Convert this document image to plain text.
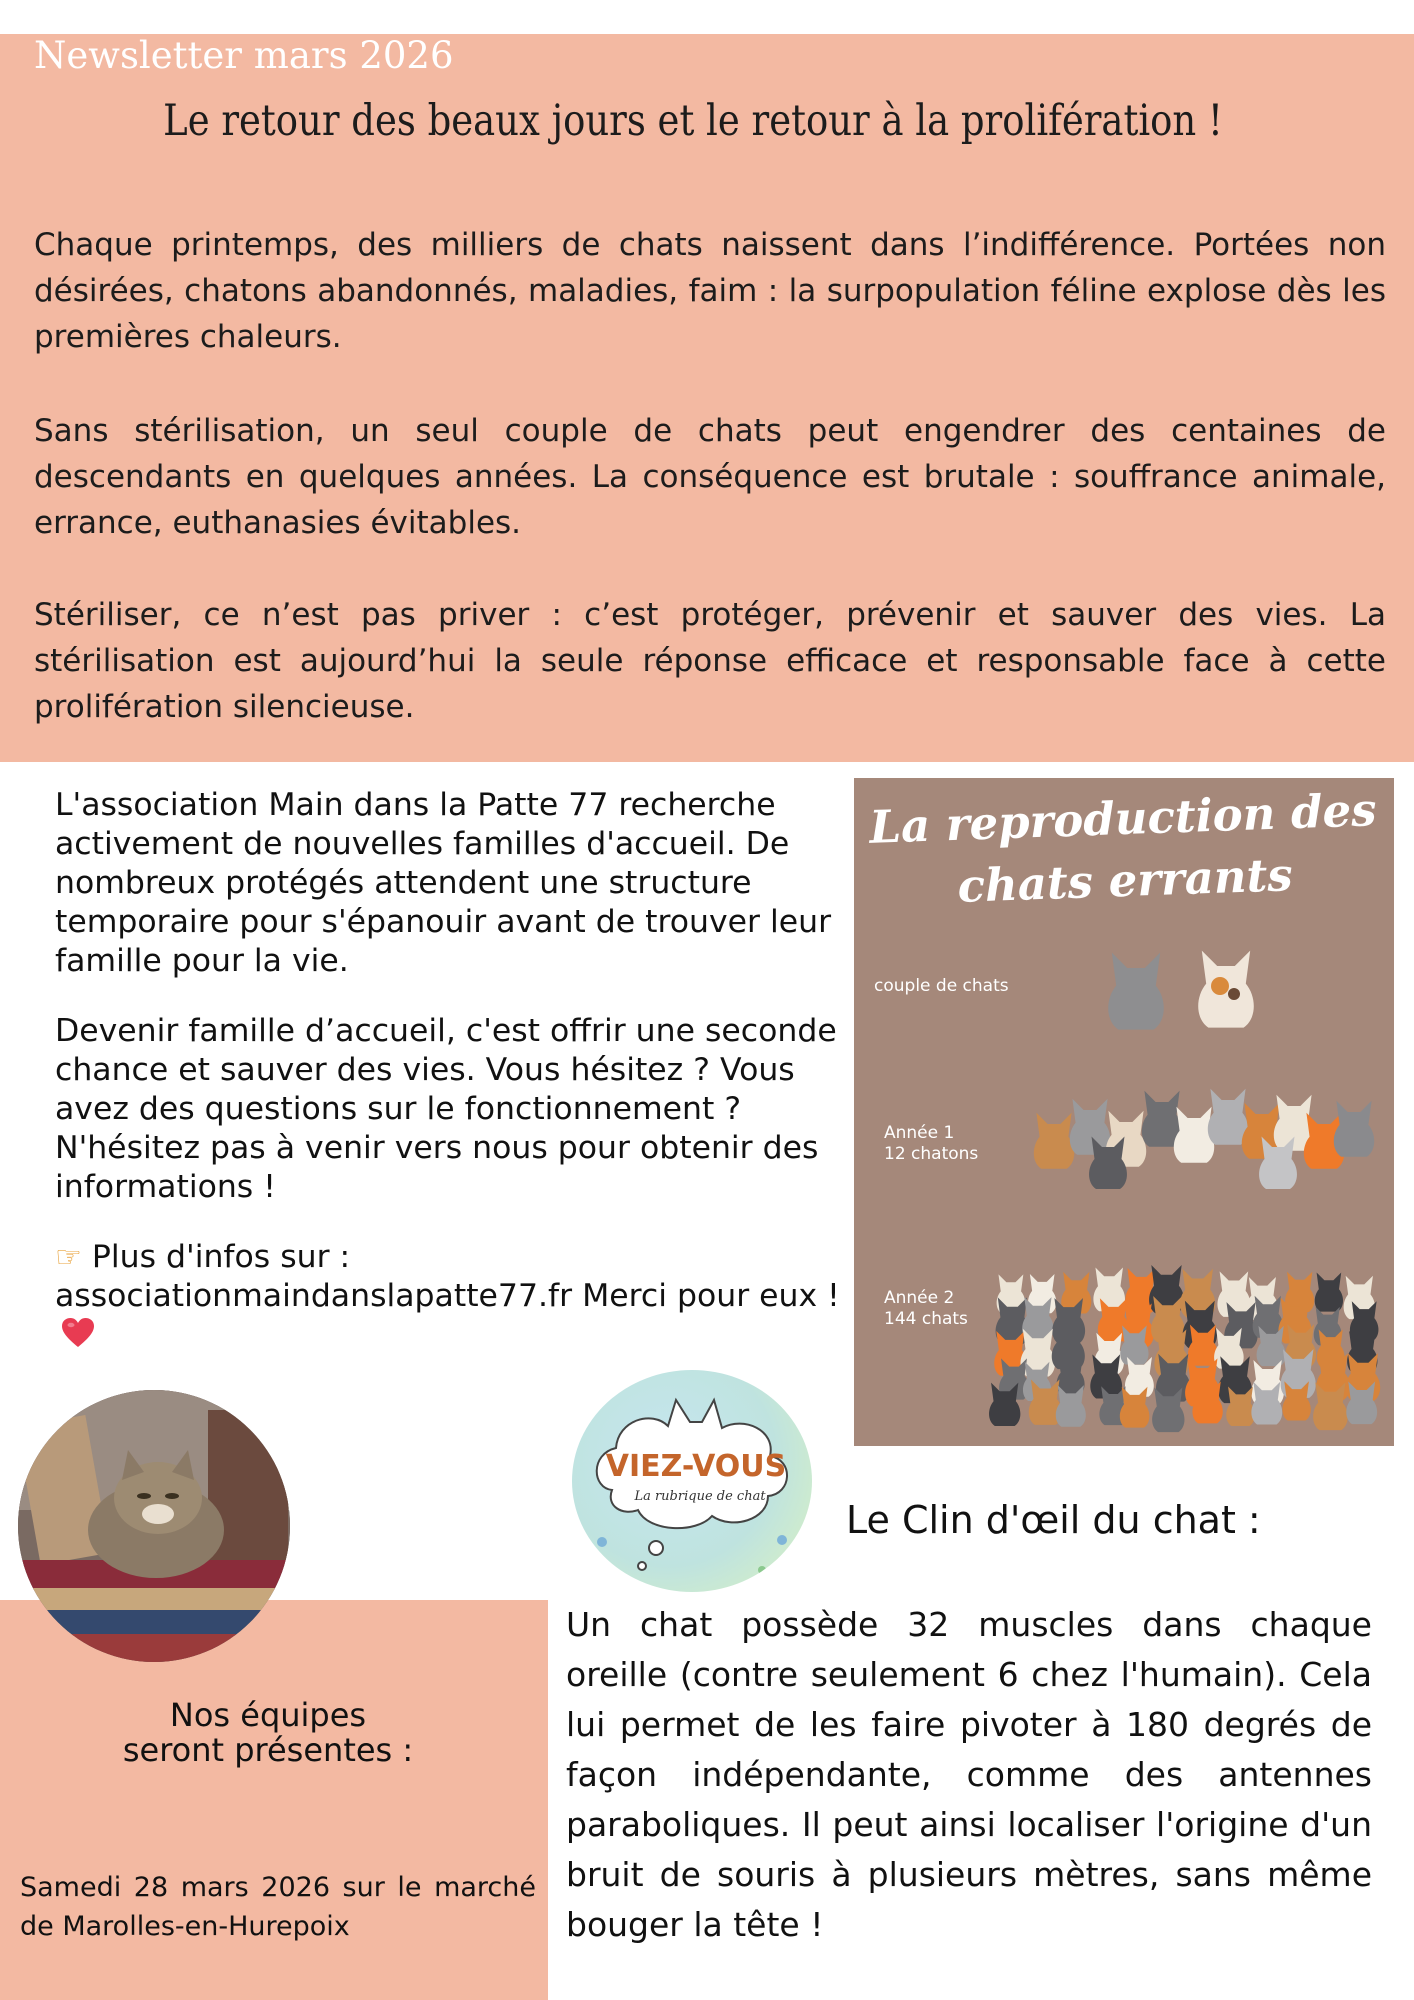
Newsletter mars 2026
Le retour des beaux jours et le retour à la prolifération !

Chaque printemps, des milliers de chats naissent dans l’indifférence. Portées non désirées, chatons abandonnés, maladies, faim : la surpopulation féline explose dès les premières chaleurs.

Sans stérilisation, un seul couple de chats peut engendrer des centaines de descendants en quelques années. La conséquence est brutale : souffrance animale, errance, euthanasies évitables.

Stériliser, ce n’est pas priver : c’est protéger, prévenir et sauver des vies. La stérilisation est aujourd’hui la seule réponse efficace et responsable face à cette prolifération silencieuse.

L'association Main dans la Patte 77 recherche activement de nouvelles familles d'accueil. De nombreux protégés attendent une structure temporaire pour s'épanouir avant de trouver leur famille pour la vie.

Devenir famille d’accueil, c'est offrir une seconde chance et sauver des vies. Vous hésitez ? Vous avez des questions sur le fonctionnement ? N'hésitez pas à venir vers nous pour obtenir des informations !

☞ Plus d'infos sur :
associationmaindanslapatte77.fr Merci pour eux !

La reproduction des chats errants
couple de chats
Année 1
12 chatons
Année 2
144 chats
VIEZ-VOUS
La rubrique de chat
Le Clin d'œil du chat :
Nos équipes
seront présentes :
Samedi 28 mars 2026 sur le marché de Marolles-en-Hurepoix

Un chat possède 32 muscles dans chaque oreille (contre seulement 6 chez l'humain). Cela lui permet de les faire pivoter à 180 degrés de façon indépendante, comme des antennes paraboliques. Il peut ainsi localiser l'origine d'un bruit de souris à plusieurs mètres, sans même bouger la tête !
